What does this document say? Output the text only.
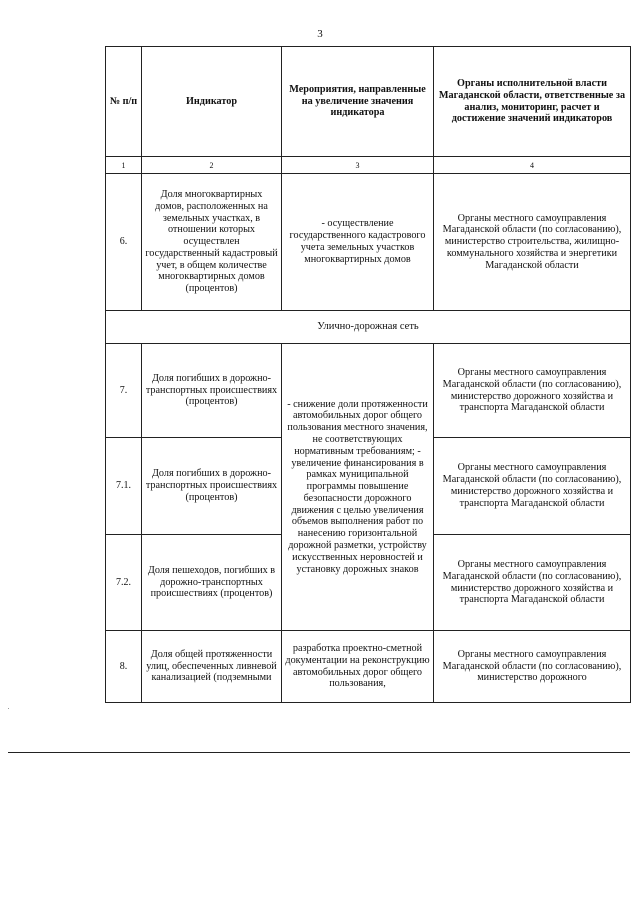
3
№ п/п	Индикатор	Мероприятия, направленные на увеличение значения индикатора	Органы исполнительной власти Магаданской области, ответственные за анализ, мониторинг, расчет и достижение значений индикаторов
1	2	3	4
6.	Доля многоквартирных домов, расположенных на земельных участках, в отношении которых осуществлен государственный кадастровый учет, в общем количестве многоквартирных домов (процентов)	- осуществление государственного кадастрового учета земельных участков многоквартирных домов	Органы местного самоуправления Магаданской области (по согласованию), министерство строительства, жилищно-коммунального хозяйства и энергетики Магаданской области
Улично-дорожная сеть			
7.	Доля погибших в дорожно-транспортных происшествиях (процентов)	- снижение доли протяженности автомобильных дорог общего пользования местного значения, не соответствующих нормативным требованиям; - увеличение финансирования в рамках муниципальной программы повышение безопасности дорожного движения с целью увеличения объемов выполнения работ по нанесению горизонтальной дорожной разметки, устройству искусственных неровностей и установку дорожных знаков	Органы местного самоуправления Магаданской области (по согласованию), министерство дорожного хозяйства и транспорта Магаданской области
7.1.	Доля погибших в дорожно-транспортных происшествиях (процентов)		Органы местного самоуправления Магаданской области (по согласованию), министерство дорожного хозяйства и транспорта Магаданской области
7.2.	Доля пешеходов, погибших в дорожно-транспортных происшествиях (процентов)		Органы местного самоуправления Магаданской области (по согласованию), министерство дорожного хозяйства и транспорта Магаданской области
8.	Доля общей протяженности улиц, обеспеченных ливневой канализацией (подземными	разработка проектно-сметной документации на реконструкцию автомобильных дорог общего пользования,	Органы местного самоуправления Магаданской области (по согласованию), министерство дорожного
